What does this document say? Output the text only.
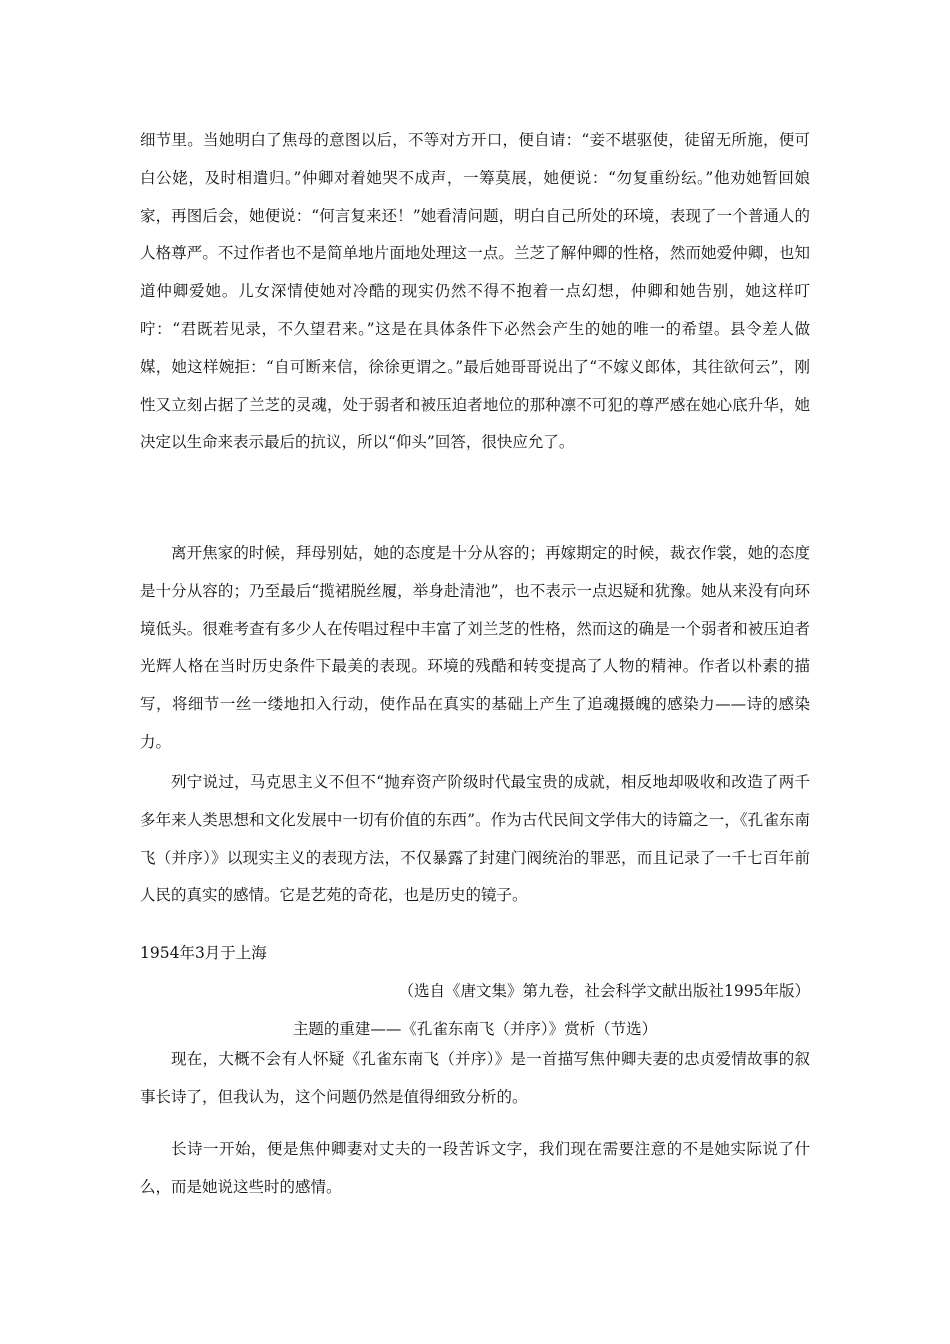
细节里。当她明白了焦母的意图以后，不等对方开口，便自请：“妾不堪驱使，徒留无所施，便可白公姥，及时相遣归。”仲卿对着她哭不成声，一筹莫展，她便说：“勿复重纷纭。”他劝她暂回娘家，再图后会，她便说：“何言复来还！”她看清问题，明白自己所处的环境，表现了一个普通人的人格尊严。不过作者也不是简单地片面地处理这一点。兰芝了解仲卿的性格，然而她爱仲卿，也知道仲卿爱她。儿女深情使她对冷酷的现实仍然不得不抱着一点幻想，仲卿和她告别，她这样叮咛：“君既若见录，不久望君来。”这是在具体条件下必然会产生的她的唯一的希望。县令差人做媒，她这样婉拒：“自可断来信，徐徐更谓之。”最后她哥哥说出了“不嫁义郎体，其往欲何云”，刚性又立刻占据了兰芝的灵魂，处于弱者和被压迫者地位的那种凛不可犯的尊严感在她心底升华，她决定以生命来表示最后的抗议，所以“仰头”回答，很快应允了。

离开焦家的时候，拜母别姑，她的态度是十分从容的；再嫁期定的时候，裁衣作裳，她的态度是十分从容的；乃至最后“揽裙脱丝履，举身赴清池”，也不表示一点迟疑和犹豫。她从来没有向环境低头。很难考查有多少人在传唱过程中丰富了刘兰芝的性格，然而这的确是一个弱者和被压迫者光辉人格在当时历史条件下最美的表现。环境的残酷和转变提高了人物的精神。作者以朴素的描写，将细节一丝一缕地扣入行动，使作品在真实的基础上产生了追魂摄魄的感染力——诗的感染力。

列宁说过，马克思主义不但不“抛弃资产阶级时代最宝贵的成就，相反地却吸收和改造了两千多年来人类思想和文化发展中一切有价值的东西”。作为古代民间文学伟大的诗篇之一，《孔雀东南飞（并序）》以现实主义的表现方法，不仅暴露了封建门阀统治的罪恶，而且记录了一千七百年前人民的真实的感情。它是艺苑的奇花，也是历史的镜子。

1954年3月于上海

（选自《唐文集》第九卷，社会科学文献出版社1995年版）

主题的重建——《孔雀东南飞（并序）》赏析（节选）

现在，大概不会有人怀疑《孔雀东南飞（并序）》是一首描写焦仲卿夫妻的忠贞爱情故事的叙事长诗了，但我认为，这个问题仍然是值得细致分析的。

长诗一开始，便是焦仲卿妻对丈夫的一段苦诉文字，我们现在需要注意的不是她实际说了什么，而是她说这些时的感情。
